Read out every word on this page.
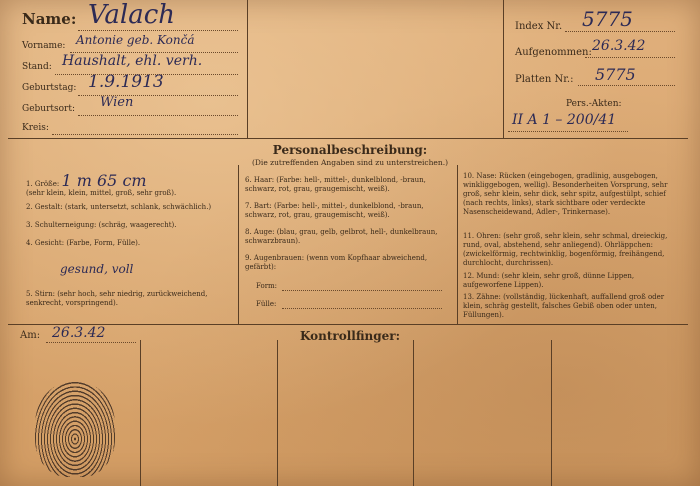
Name: Valach
Vorname: Antonie geb. Končá
Stand: Haushalt, ehl. verh.
Geburtstag: 1.9.1913
Geburtsort: Wien
Kreis:
Index Nr. 5775
Aufgenommen: 26.3.42
Platten Nr.: 5775
Pers.-Akten:
II A 1 – 200/41
Personalbeschreibung:
(Die zutreffenden Angaben sind zu unterstreichen.)
1. Größe: 1 m 65 cm
(sehr klein, klein, mittel, groß, sehr groß).
2. Gestalt: (stark, untersetzt, schlank, schwächlich.)
3. Schulterneigung: (schräg, waagerecht).
4. Gesicht: (Farbe, Form, Fülle).
gesund, voll
5. Stirn: (sehr hoch, sehr niedrig, zurückweichend, senkrecht, vorspringend).
6. Haar: (Farbe: hell-, mittel-, dunkelblond, -braun, schwarz, rot, grau, graugemischt, weiß).
7. Bart: (Farbe: hell-, mittel-, dunkelblond, -braun, schwarz, rot, grau, graugemischt, weiß).
8. Auge: (blau, grau, gelb, gelbrot, hell-, dunkelbraun, schwarzbraun).
9. Augenbrauen: (wenn vom Kopfhaar abweichend, gefärbt):
Form:
Fülle:
10. Nase: Rücken (eingebogen, gradlinig, ausgebogen, winkliggebogen, wellig). Besonderheiten Vorsprung, sehr groß, sehr klein, sehr dick, sehr spitz, aufgestülpt, schief (nach rechts, links), stark sichtbare oder verdeckte Nasenscheidewand, Adler-, Trinkernase).
11. Ohren: (sehr groß, sehr klein, sehr schmal, dreieckig, rund, oval, abstehend, sehr anliegend). Ohrläppchen: (zwickelförmig, rechtwinklig, bogenförmig, freihängend, durchlocht, durchrissen).
12. Mund: (sehr klein, sehr groß, dünne Lippen, aufgeworfene Lippen).
13. Zähne: (vollständig, lückenhaft, auffallend groß oder klein, schräg gestellt, falsches Gebiß oben oder unten, Füllungen).
Am: 26.3.42	Kontrollfinger:
